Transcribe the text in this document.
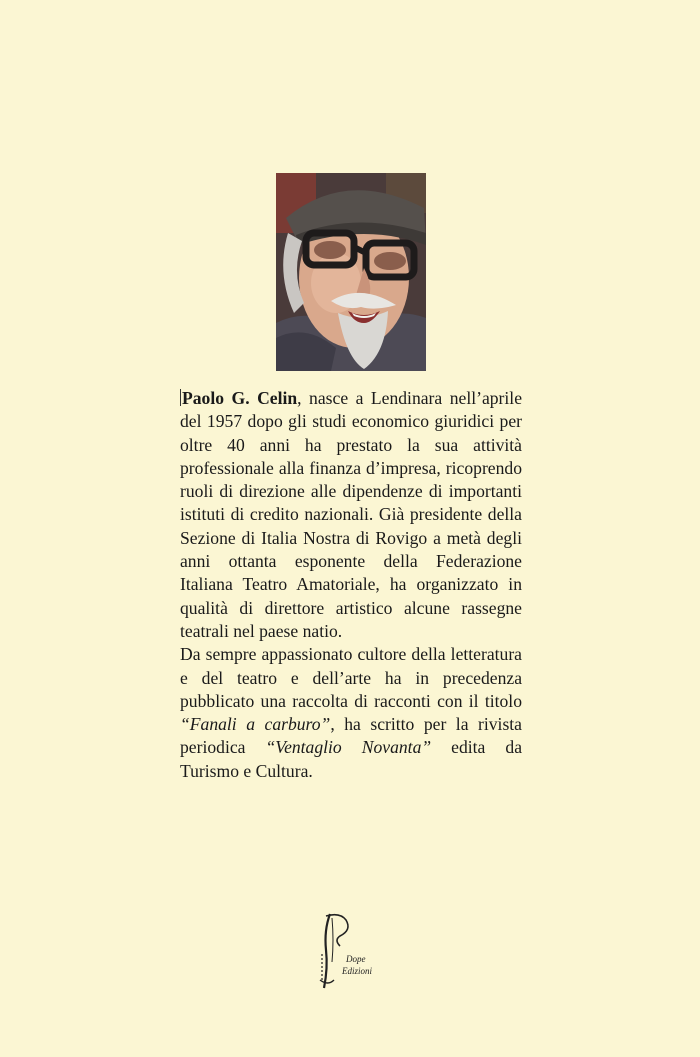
Paolo G. Celin, nasce a Lendinara nell’aprile del 1957 dopo gli studi economico giuridici per oltre 40 anni ha prestato la sua attività professionale alla finanza d’impresa, ricoprendo ruoli di direzione alle dipendenze di importanti istituti di credito nazionali. Già presidente della Sezione di Italia Nostra di Rovigo a metà degli anni ottanta esponente della Federazione Italiana Teatro Amatoriale, ha organizzato in qualità di direttore artistico alcune rassegne teatrali nel paese natio.

Da sempre appassionato cultore della letteratura e del teatro e dell’arte ha in precedenza pubblicato una raccolta di racconti con il titolo “Fanali a carburo”, ha scritto per la rivista periodica “Ventaglio Novanta” edita da Turismo e Cultura.

Dope
Edizioni
